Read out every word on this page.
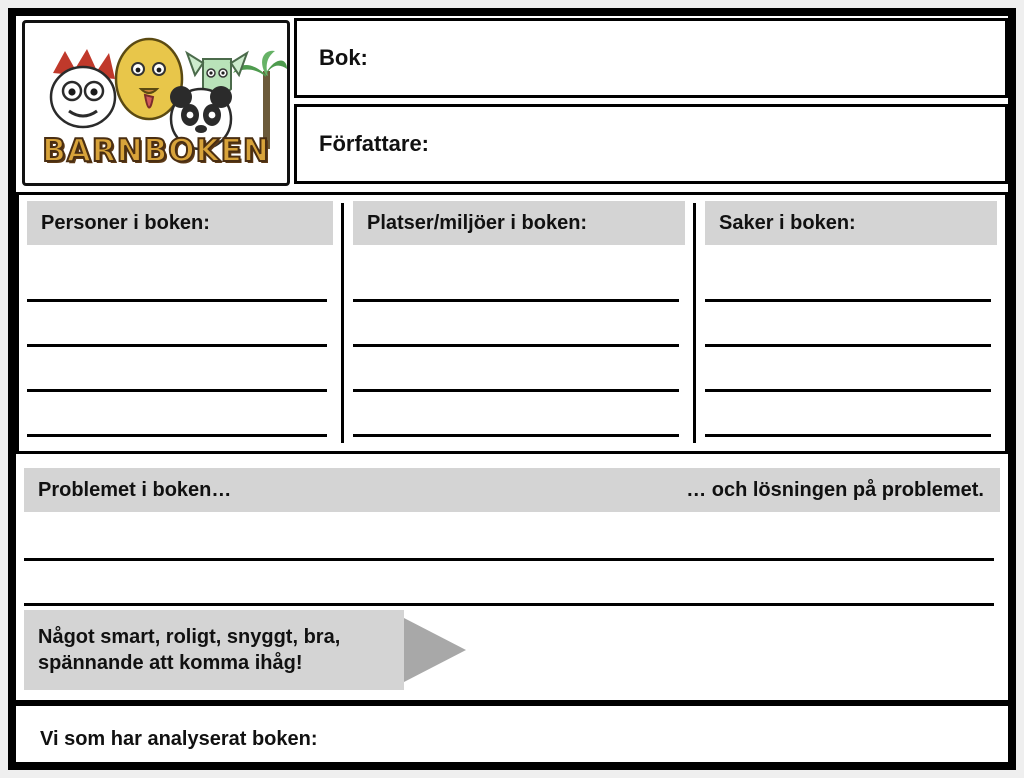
BARNBOKEN
Bok:
Författare:
Personer i boken:	Platser/miljöer i boken:	Saker i boken:
Problemet i boken…	… och lösningen på problemet.
Något smart, roligt, snyggt, bra,
spännande att komma ihåg!
Vi som har analyserat boken:
